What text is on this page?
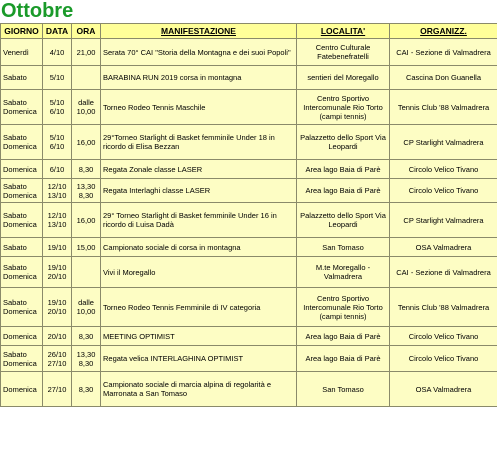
Ottobre
GIORNO	DATA	ORA	MANIFESTAZIONE	LOCALITA'	ORGANIZZ.
Venerdì	4/10	21,00	Serata 70° CAI "Storia della Montagna e dei suoi Popoli"	Centro Culturale Fatebenefratelli	CAI - Sezione di Valmadrera
Sabato	5/10		BARABINA RUN 2019 corsa in montagna	sentieri del Moregallo	Cascina Don Guanella
Sabato Domenica	5/10 6/10	dalle 10,00	Torneo Rodeo Tennis Maschile	Centro Sportivo Intercomunale Rio Torto (campi tennis)	Tennis Club '88 Valmadrera
Sabato Domenica	5/10 6/10	16,00	29°Torneo Starlight di Basket femminile Under 18 in ricordo di Elisa Bezzan	Palazzetto dello Sport Via Leopardi	CP Starlight Valmadrera
Domenica	6/10	8,30	Regata Zonale classe LASER	Area lago Baia di Parè	Circolo Velico Tivano
Sabato Domenica	12/10 13/10	13,30 8,30	Regata Interlaghi classe LASER	Area lago Baia di Parè	Circolo Velico Tivano
Sabato Domenica	12/10 13/10	16,00	29° Torneo Starlight di Basket femminile Under 16 in ricordo di Luisa Dadà	Palazzetto dello Sport Via Leopardi	CP Starlight Valmadrera
Sabato	19/10	15,00	Campionato sociale di corsa in montagna	San Tomaso	OSA Valmadrera
Sabato Domenica	19/10 20/10		Vivi il Moregallo	M.te Moregallo - Valmadrera	CAI - Sezione di Valmadrera
Sabato Domenica	19/10 20/10	dalle 10,00	Torneo Rodeo Tennis Femminile di IV categoria	Centro Sportivo Intercomunale Rio Torto (campi tennis)	Tennis Club '88 Valmadrera
Domenica	20/10	8,30	MEETING OPTIMIST	Area lago Baia di Parè	Circolo Velico Tivano
Sabato Domenica	26/10 27/10	13,30 8,30	Regata velica INTERLAGHINA OPTIMIST	Area lago Baia di Parè	Circolo Velico Tivano
Domenica	27/10	8,30	Campionato sociale di marcia alpina di regolarità e Marronata a San Tomaso	San Tomaso	OSA Valmadrera
